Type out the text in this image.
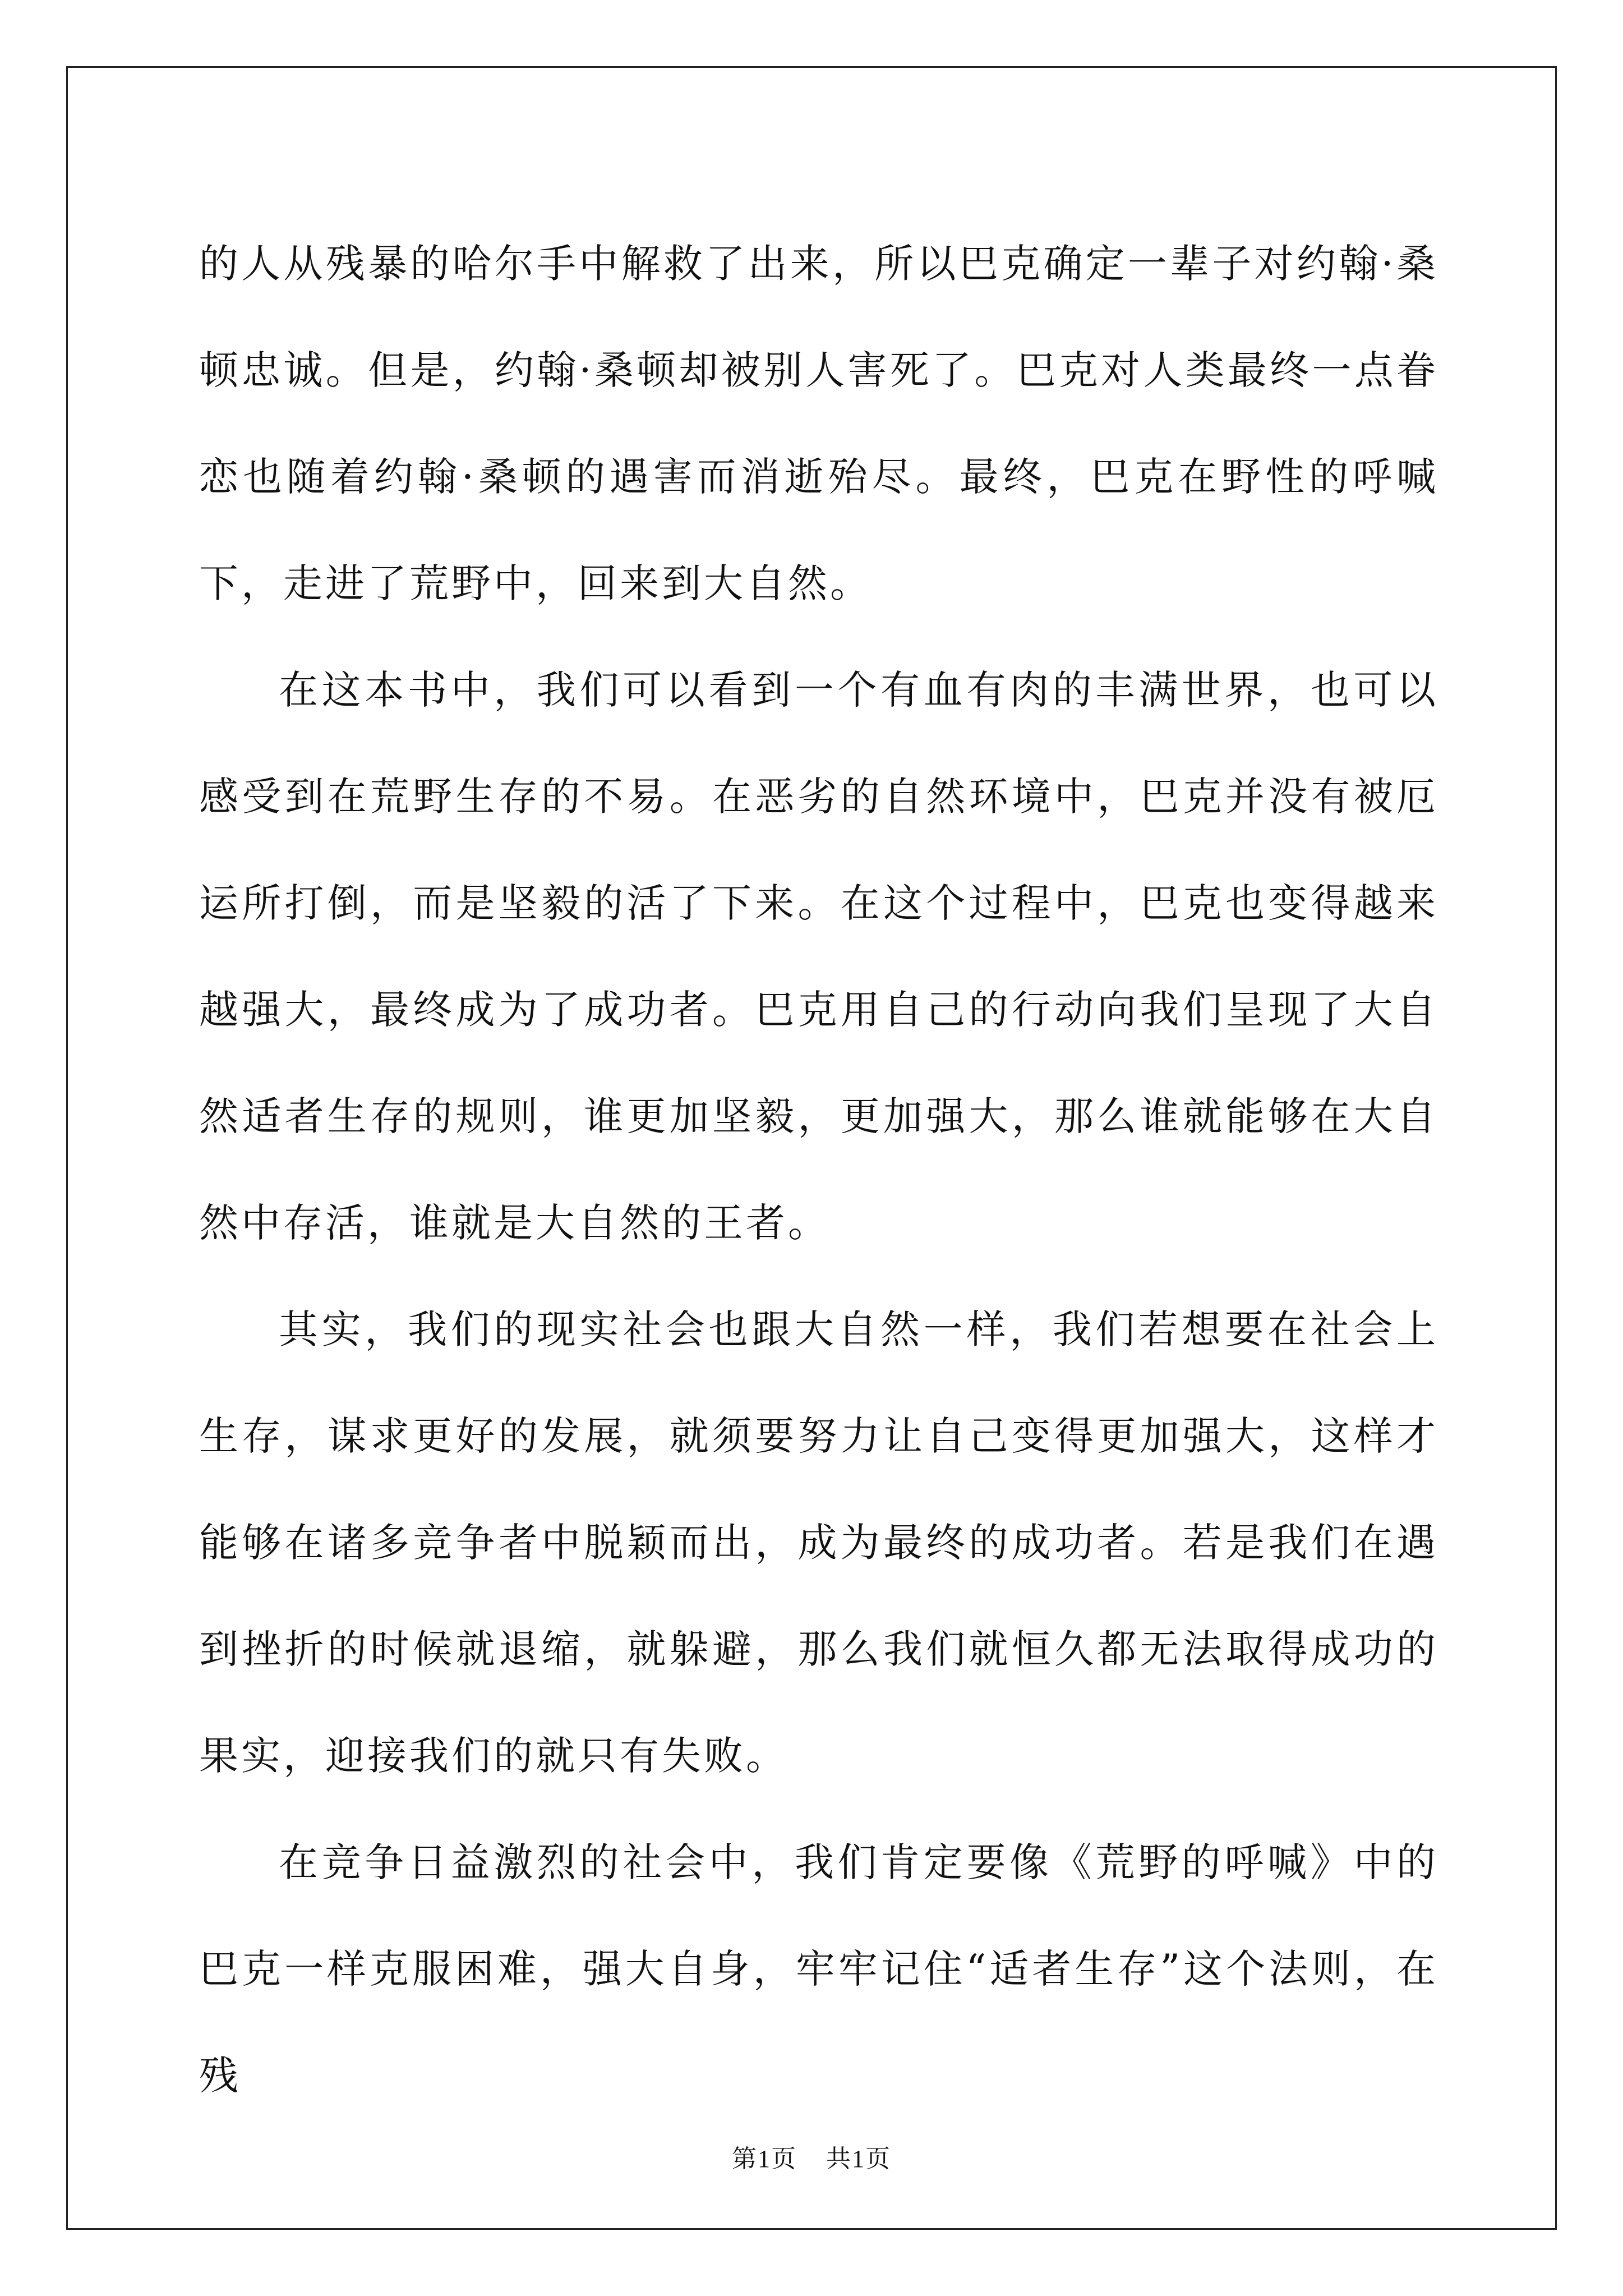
的人从残暴的哈尔手中解救了出来，所以巴克确定一辈子对约翰·桑顿忠诚。但是，约翰·桑顿却被别人害死了。巴克对人类最终一点眷恋也随着约翰·桑顿的遇害而消逝殆尽。最终，巴克在野性的呼喊下，走进了荒野中，回来到大自然。

在这本书中，我们可以看到一个有血有肉的丰满世界，也可以感受到在荒野生存的不易。在恶劣的自然环境中，巴克并没有被厄运所打倒，而是坚毅的活了下来。在这个过程中，巴克也变得越来越强大，最终成为了成功者。巴克用自己的行动向我们呈现了大自然适者生存的规则，谁更加坚毅，更加强大，那么谁就能够在大自然中存活，谁就是大自然的王者。

其实，我们的现实社会也跟大自然一样，我们若想要在社会上生存，谋求更好的发展，就须要努力让自己变得更加强大，这样才能够在诸多竞争者中脱颖而出，成为最终的成功者。若是我们在遇到挫折的时候就退缩，就躲避，那么我们就恒久都无法取得成功的果实，迎接我们的就只有失败。

在竞争日益激烈的社会中，我们肯定要像《荒野的呼喊》中的巴克一样克服困难，强大自身，牢牢记住“适者生存”这个法则，在残

第1页 共1页
